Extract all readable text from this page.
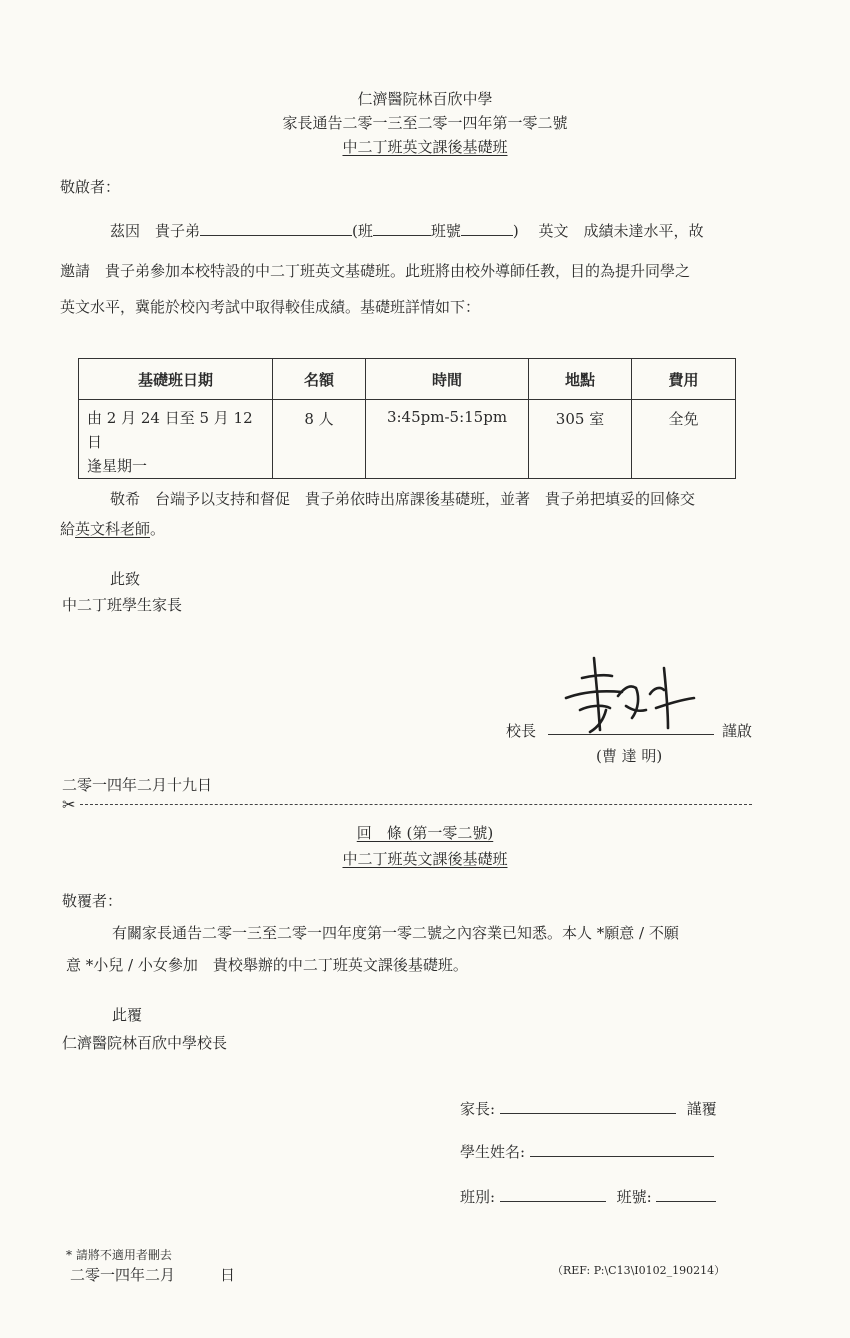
仁濟醫院林百欣中學
家長通告二零一三至二零一四年第一零二號
中二丁班英文課後基礎班
敬啟者：
茲因　貴子弟	(班	班號	)　 英文　成績未達水平，故
邀請　貴子弟參加本校特設的中二丁班英文基礎班。此班將由校外導師任教，目的為提升同學之
英文水平，冀能於校內考試中取得較佳成績。基礎班詳情如下：
基礎班日期	名額	時間	地點	費用

由 2 月 24 日至 5 月 12 日
逢星期一	8 人	3:45pm-5:15pm	305 室	全免
敬希　台端予以支持和督促　貴子弟依時出席課後基礎班，並著　貴子弟把填妥的回條交
給英文科老師。
此致
中二丁班學生家長
校長	謹啟
(曹 達 明)
二零一四年二月十九日
✂
回　條 (第一零二號)
中二丁班英文課後基礎班
敬覆者：
有關家長通告二零一三至二零一四年度第一零二號之內容業已知悉。本人 *願意 / 不願
意 *小兒 / 小女參加　貴校舉辦的中二丁班英文課後基礎班。
此覆
仁濟醫院林百欣中學校長
家長:	謹覆
學生姓名:
班別:	班號:
* 請將不適用者刪去
二零一四年二月　　　日	（REF: P:\C13\I0102_190214）
